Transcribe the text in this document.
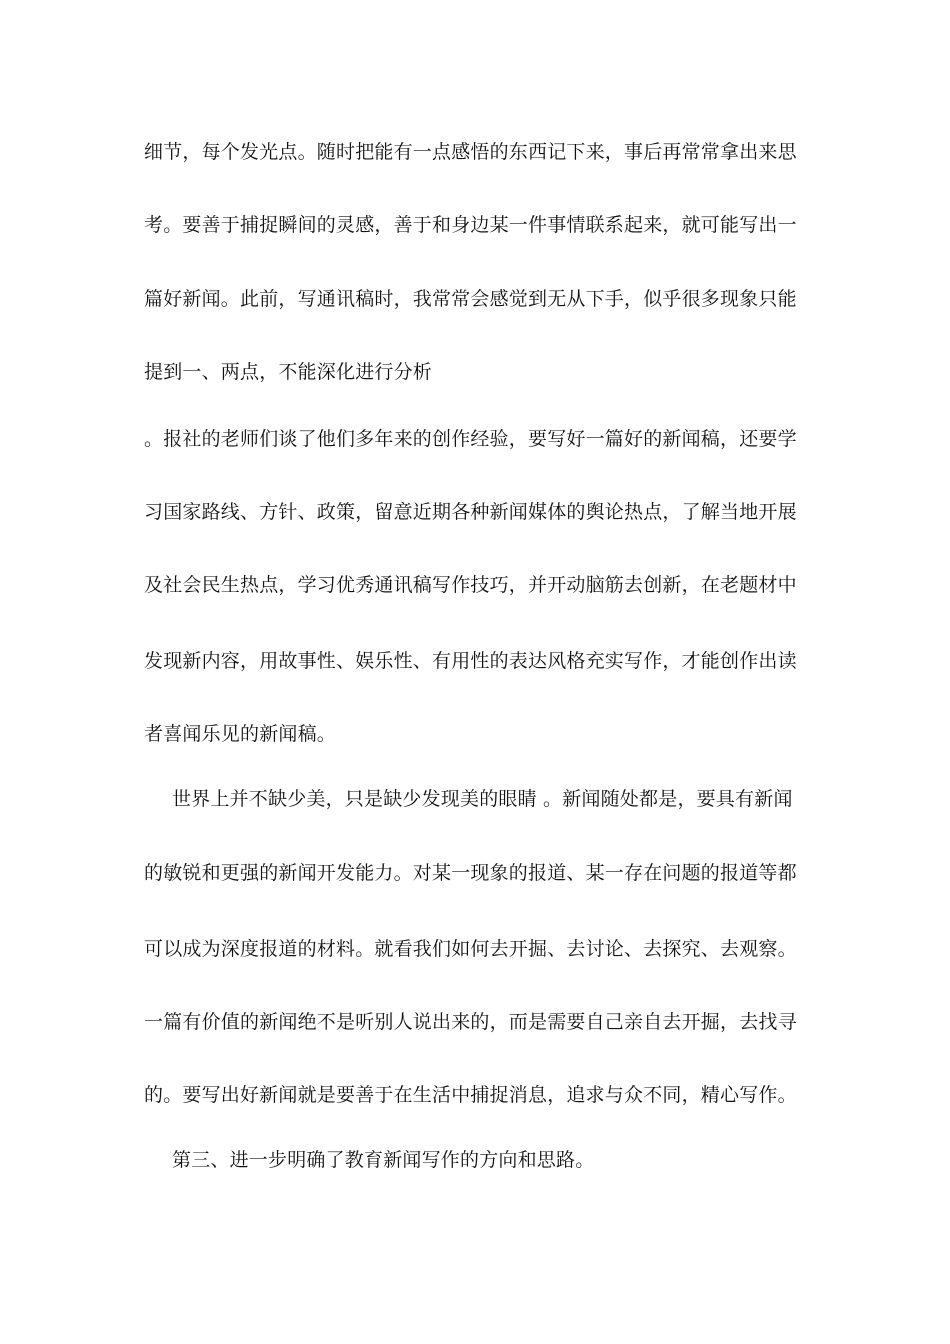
细节，每个发光点。随时把能有一点感悟的东西记下来，事后再常常拿出来思
考。要善于捕捉瞬间的灵感，善于和身边某一件事情联系起来，就可能写出一
篇好新闻。此前，写通讯稿时，我常常会感觉到无从下手，似乎很多现象只能
提到一、两点，不能深化进行分析
。报社的老师们谈了他们多年来的创作经验，要写好一篇好的新闻稿，还要学
习国家路线、方针、政策，留意近期各种新闻媒体的舆论热点，了解当地开展
及社会民生热点，学习优秀通讯稿写作技巧，并开动脑筋去创新，在老题材中
发现新内容，用故事性、娱乐性、有用性的表达风格充实写作，才能创作出读
者喜闻乐见的新闻稿。
世界上并不缺少美，只是缺少发现美的眼睛 。新闻随处都是，要具有新闻
的敏锐和更强的新闻开发能力。对某一现象的报道、某一存在问题的报道等都
可以成为深度报道的材料。就看我们如何去开掘、去讨论、去探究、去观察。
一篇有价值的新闻绝不是听别人说出来的，而是需要自己亲自去开掘，去找寻
的。要写出好新闻就是要善于在生活中捕捉消息，追求与众不同，精心写作。
第三、进一步明确了教育新闻写作的方向和思路。
